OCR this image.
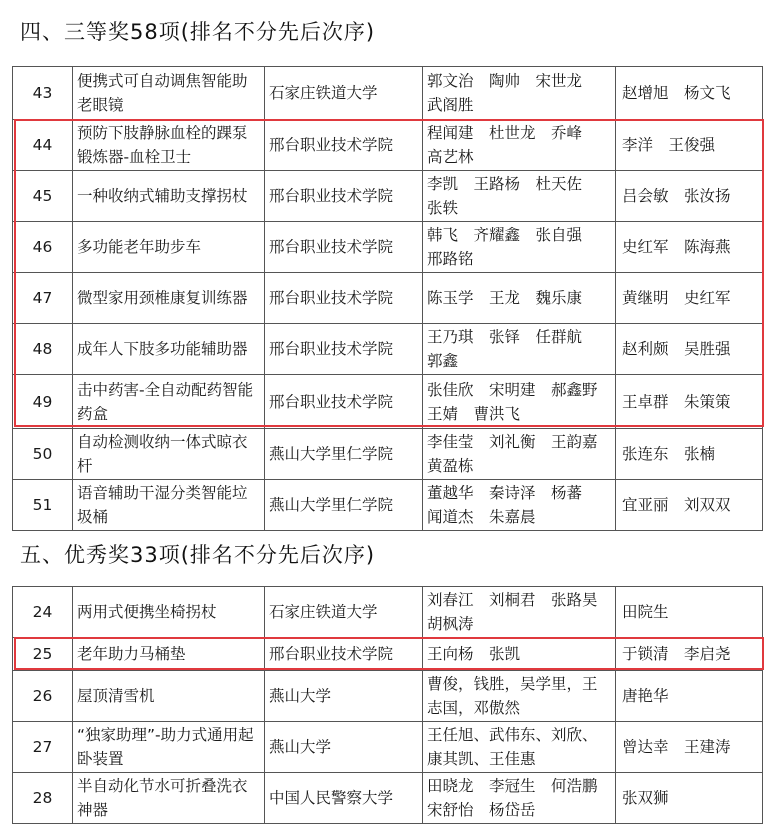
四、三等奖58项(排名不分先后次序)
43	便携式可自动调焦智能助老眼镜	石家庄铁道大学	郭文治　陶帅　宋世龙　武阁胜	赵增旭　杨文飞
44	预防下肢静脉血栓的踝泵锻炼器-血栓卫士	邢台职业技术学院	程闻建　杜世龙　乔峰　高艺林	李洋　王俊强
45	一种收纳式辅助支撑拐杖	邢台职业技术学院	李凯　王路杨　杜天佐　张轶	吕会敏　张汝扬
46	多功能老年助步车	邢台职业技术学院	韩飞　齐耀鑫　张自强　邢路铭	史红军　陈海燕
47	微型家用颈椎康复训练器	邢台职业技术学院	陈玉学　王龙　魏乐康	黄继明　史红军
48	成年人下肢多功能辅助器	邢台职业技术学院	王乃琪　张铎　任群航　郭鑫	赵利颇　吴胜强
49	击中药害-全自动配药智能药盒	邢台职业技术学院	张佳欣　宋明建　郝鑫野　王婧　曹洪飞	王卓群　朱策策
50	自动检测收纳一体式晾衣杆	燕山大学里仁学院	李佳莹　刘礼衡　王韵嘉　黄盈栋	张连东　张楠
51	语音辅助干湿分类智能垃圾桶	燕山大学里仁学院	董越华　秦诗泽　杨蕃　闻道杰　朱嘉晨	宜亚丽　刘双双
五、优秀奖33项(排名不分先后次序)
24	两用式便携坐椅拐杖	石家庄铁道大学	刘春江　刘桐君　张路昊　胡枫涛	田院生
25	老年助力马桶垫	邢台职业技术学院	王向杨　张凯	于锁清　李启尧
26	屋顶清雪机	燕山大学	曹俊，钱胜，吴学里，王志国，邓傲然	唐艳华
27	“独家助理”-助力式通用起卧装置	燕山大学	王任旭、武伟东、刘欣、康其凯、王佳惠	曾达幸　王建涛
28	半自动化节水可折叠洗衣神器	中国人民警察大学	田晓龙　李冠生　何浩鹏　宋舒怡　杨岱岳	张双狮
